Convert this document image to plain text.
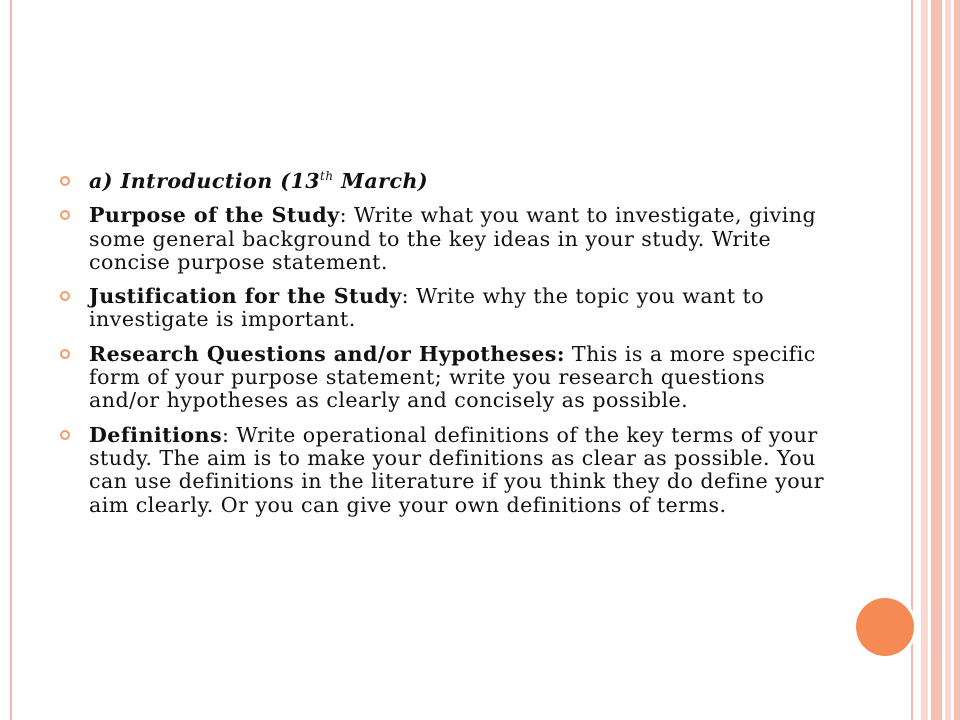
a) Introduction (13th March)
Purpose of the Study: Write what you want to investigate, giving some general background to the key ideas in your study. Write concise purpose statement.
Justification for the Study: Write why the topic you want to investigate is important.
Research Questions and/or Hypotheses: This is a more specific form of your purpose statement; write you research questions and/or hypotheses as clearly and concisely as possible.
Definitions: Write operational definitions of the key terms of your study. The aim is to make your definitions as clear as possible. You can use definitions in the literature if you think they do define your aim clearly. Or you can give your own definitions of terms.
